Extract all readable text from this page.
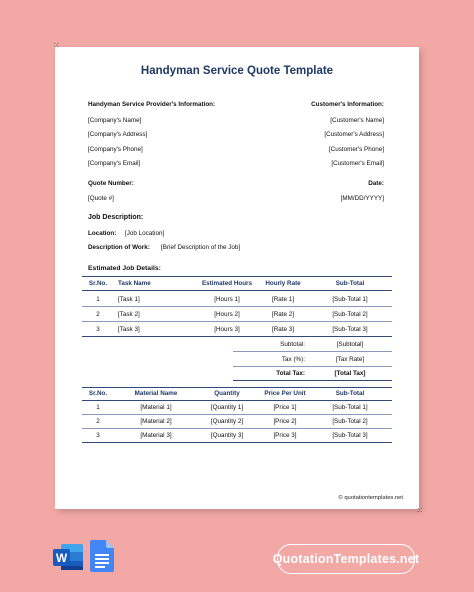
⁙
⁙
Handyman Service Quote Template
Handyman Service Provider's Information:	Customer's Information:
[Company's Name]
[Company's Address]
[Company's Phone]
[Company's Email]
[Customer's Name]
[Customer's Address]
[Customer's Phone]
[Customer's Email]
Quote Number:
[Quote #]
Date:
[MM/DD/YYYY]
Job Description:
Location: [Job Location]
Description of Work: [Brief Description of the Job]
Estimated Job Details:
Sr.No.	Task Name	Estimated Hours	Hourly Rate	Sub-Total
1	[Task 1]	[Hours 1]	[Rate 1]	[Sub-Total 1]
2	[Task 2]	[Hours 2]	[Rate 2]	[Sub-Total 2]
3	[Task 3]	[Hours 3]	[Rate 3]	[Sub-Total 3]
Subtotal:	[Subtotal]
Tax (%):	[Tax Rate]
Total Tax:	[Total Tax]
Sr.No.	Material Name	Quantity	Price Per Unit	Sub-Total
1	[Material 1]	[Quantity 1]	[Price 1]	[Sub-Total 1]
2	[Material 2]	[Quantity 2]	[Price 2]	[Sub-Total 2]
3	[Material 3]	[Quantity 3]	[Price 3]	[Sub-Total 3]
© quotationtemplates.net
W	QuotationTemplates.net
